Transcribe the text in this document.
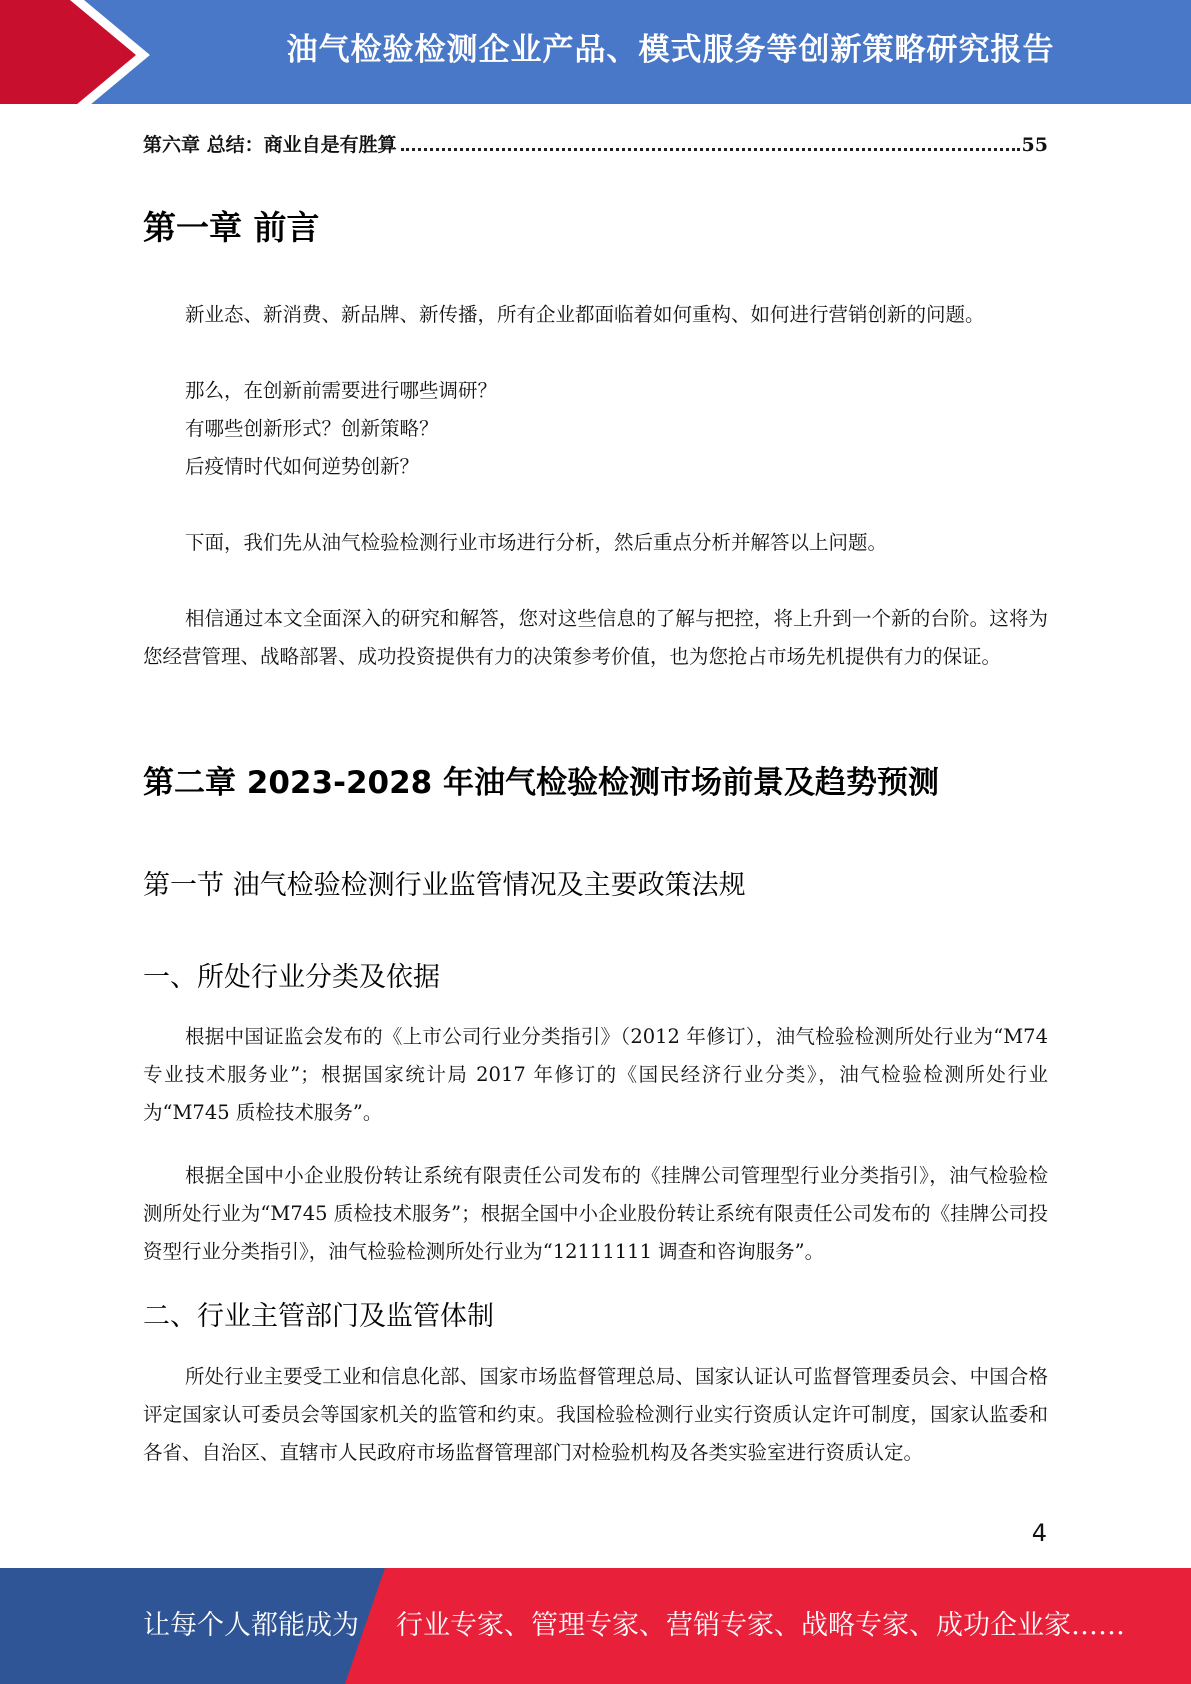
油气检验检测企业产品、模式服务等创新策略研究报告
第六章 总结：商业自是有胜算	55
第一章 前言

新业态、新消费、新品牌、新传播，所有企业都面临着如何重构、如何进行营销创新的问题。

那么，在创新前需要进行哪些调研？

有哪些创新形式？创新策略？

后疫情时代如何逆势创新？

下面，我们先从油气检验检测行业市场进行分析，然后重点分析并解答以上问题。

相信通过本文全面深入的研究和解答，您对这些信息的了解与把控，将上升到一个新的台阶。这将为您经营管理、战略部署、成功投资提供有力的决策参考价值，也为您抢占市场先机提供有力的保证。

第二章 2023-2028 年油气检验检测市场前景及趋势预测
第一节 油气检验检测行业监管情况及主要政策法规
一、所处行业分类及依据

根据中国证监会发布的《上市公司行业分类指引》（2012 年修订），油气检验检测所处行业为“M74 专业技术服务业”；根据国家统计局 2017 年修订的《国民经济行业分类》，油气检验检测所处行业为“M745 质检技术服务”。

根据全国中小企业股份转让系统有限责任公司发布的《挂牌公司管理型行业分类指引》，油气检验检测所处行业为“M745 质检技术服务”；根据全国中小企业股份转让系统有限责任公司发布的《挂牌公司投资型行业分类指引》，油气检验检测所处行业为“12111111 调查和咨询服务”。

二、行业主管部门及监管体制

所处行业主要受工业和信息化部、国家市场监督管理总局、国家认证认可监督管理委员会、中国合格评定国家认可委员会等国家机关的监管和约束。我国检验检测行业实行资质认定许可制度，国家认监委和各省、自治区、直辖市人民政府市场监督管理部门对检验机构及各类实验室进行资质认定。

4
让每个人都能成为 行业专家、管理专家、营销专家、战略专家、成功企业家……
